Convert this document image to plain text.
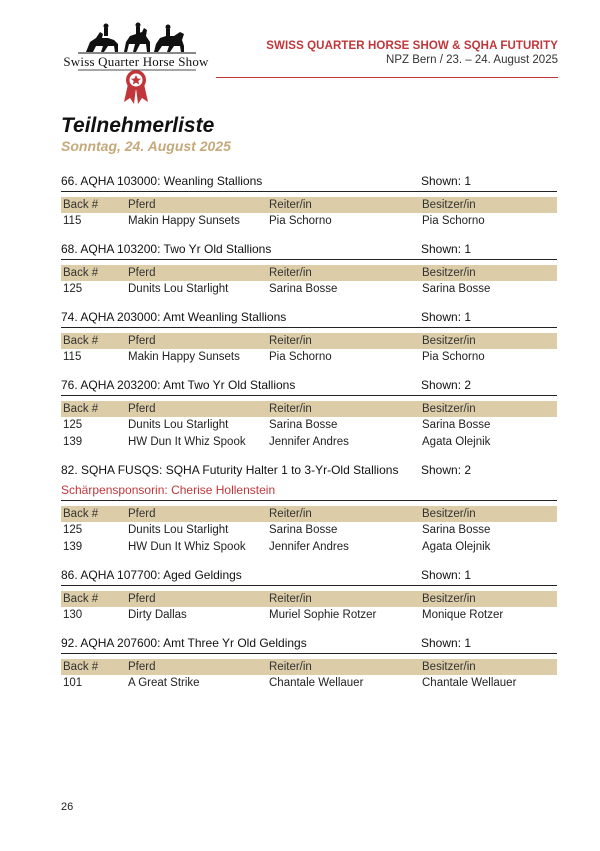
Swiss Quarter Horse Show
SWISS QUARTER HORSE SHOW & SQHA FUTURITY
NPZ Bern / 23. – 24. August 2025
Teilnehmerliste
Sonntag, 24. August 2025
66. AQHA 103000: Weanling Stallions	Shown: 1
Back #	Pferd	Reiter/in	Besitzer/in
115	Makin Happy Sunsets	Pia Schorno	Pia Schorno
68. AQHA 103200: Two Yr Old Stallions	Shown: 1
Back #	Pferd	Reiter/in	Besitzer/in
125	Dunits Lou Starlight	Sarina Bosse	Sarina Bosse
74. AQHA 203000: Amt Weanling Stallions	Shown: 1
Back #	Pferd	Reiter/in	Besitzer/in
115	Makin Happy Sunsets	Pia Schorno	Pia Schorno
76. AQHA 203200: Amt Two Yr Old Stallions	Shown: 2
Back #	Pferd	Reiter/in	Besitzer/in
125	Dunits Lou Starlight	Sarina Bosse	Sarina Bosse
139	HW Dun It Whiz Spook	Jennifer Andres	Agata Olejnik
82. SQHA FUSQS: SQHA Futurity Halter 1 to 3-Yr-Old Stallions Shown: 2
Schärpensponsorin: Cherise Hollenstein
Back #	Pferd	Reiter/in	Besitzer/in
125	Dunits Lou Starlight	Sarina Bosse	Sarina Bosse
139	HW Dun It Whiz Spook	Jennifer Andres	Agata Olejnik
86. AQHA 107700: Aged Geldings	Shown: 1
Back #	Pferd	Reiter/in	Besitzer/in
130	Dirty Dallas	Muriel Sophie Rotzer	Monique Rotzer
92. AQHA 207600: Amt Three Yr Old Geldings	Shown: 1
Back #	Pferd	Reiter/in	Besitzer/in
101	A Great Strike	Chantale Wellauer	Chantale Wellauer
26
